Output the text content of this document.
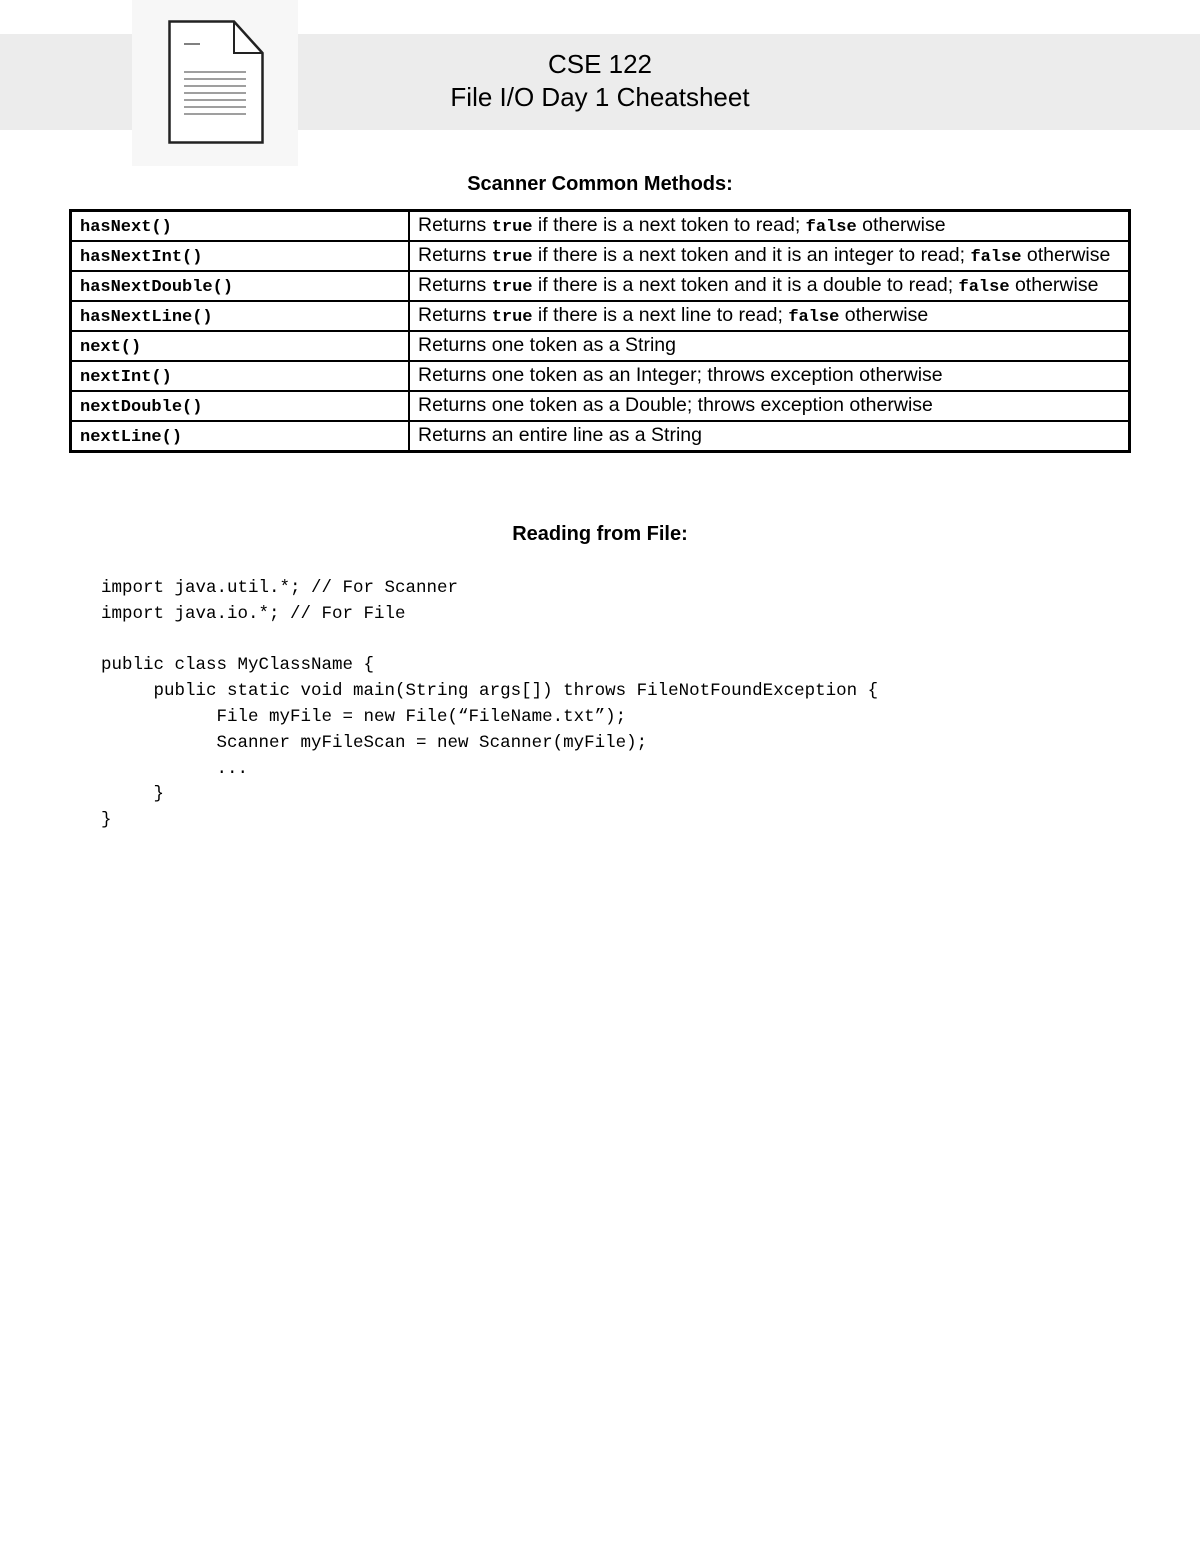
CSE 122
File I/O Day 1 Cheatsheet
Scanner Common Methods:
hasNext()	Returns true if there is a next token to read; false otherwise
hasNextInt()	Returns true if there is a next token and it is an integer to read; false otherwise
hasNextDouble()	Returns true if there is a next token and it is a double to read; false otherwise
hasNextLine()	Returns true if there is a next line to read; false otherwise
next()	Returns one token as a String
nextInt()	Returns one token as an Integer; throws exception otherwise
nextDouble()	Returns one token as a Double; throws exception otherwise
nextLine()	Returns an entire line as a String
Reading from File:
import java.util.*; // For Scanner
import java.io.*; // For File
public class MyClassName {
public static void main(String args[]) throws FileNotFoundException {
File myFile = new File(“FileName.txt”);
Scanner myFileScan = new Scanner(myFile);
...
}
}
